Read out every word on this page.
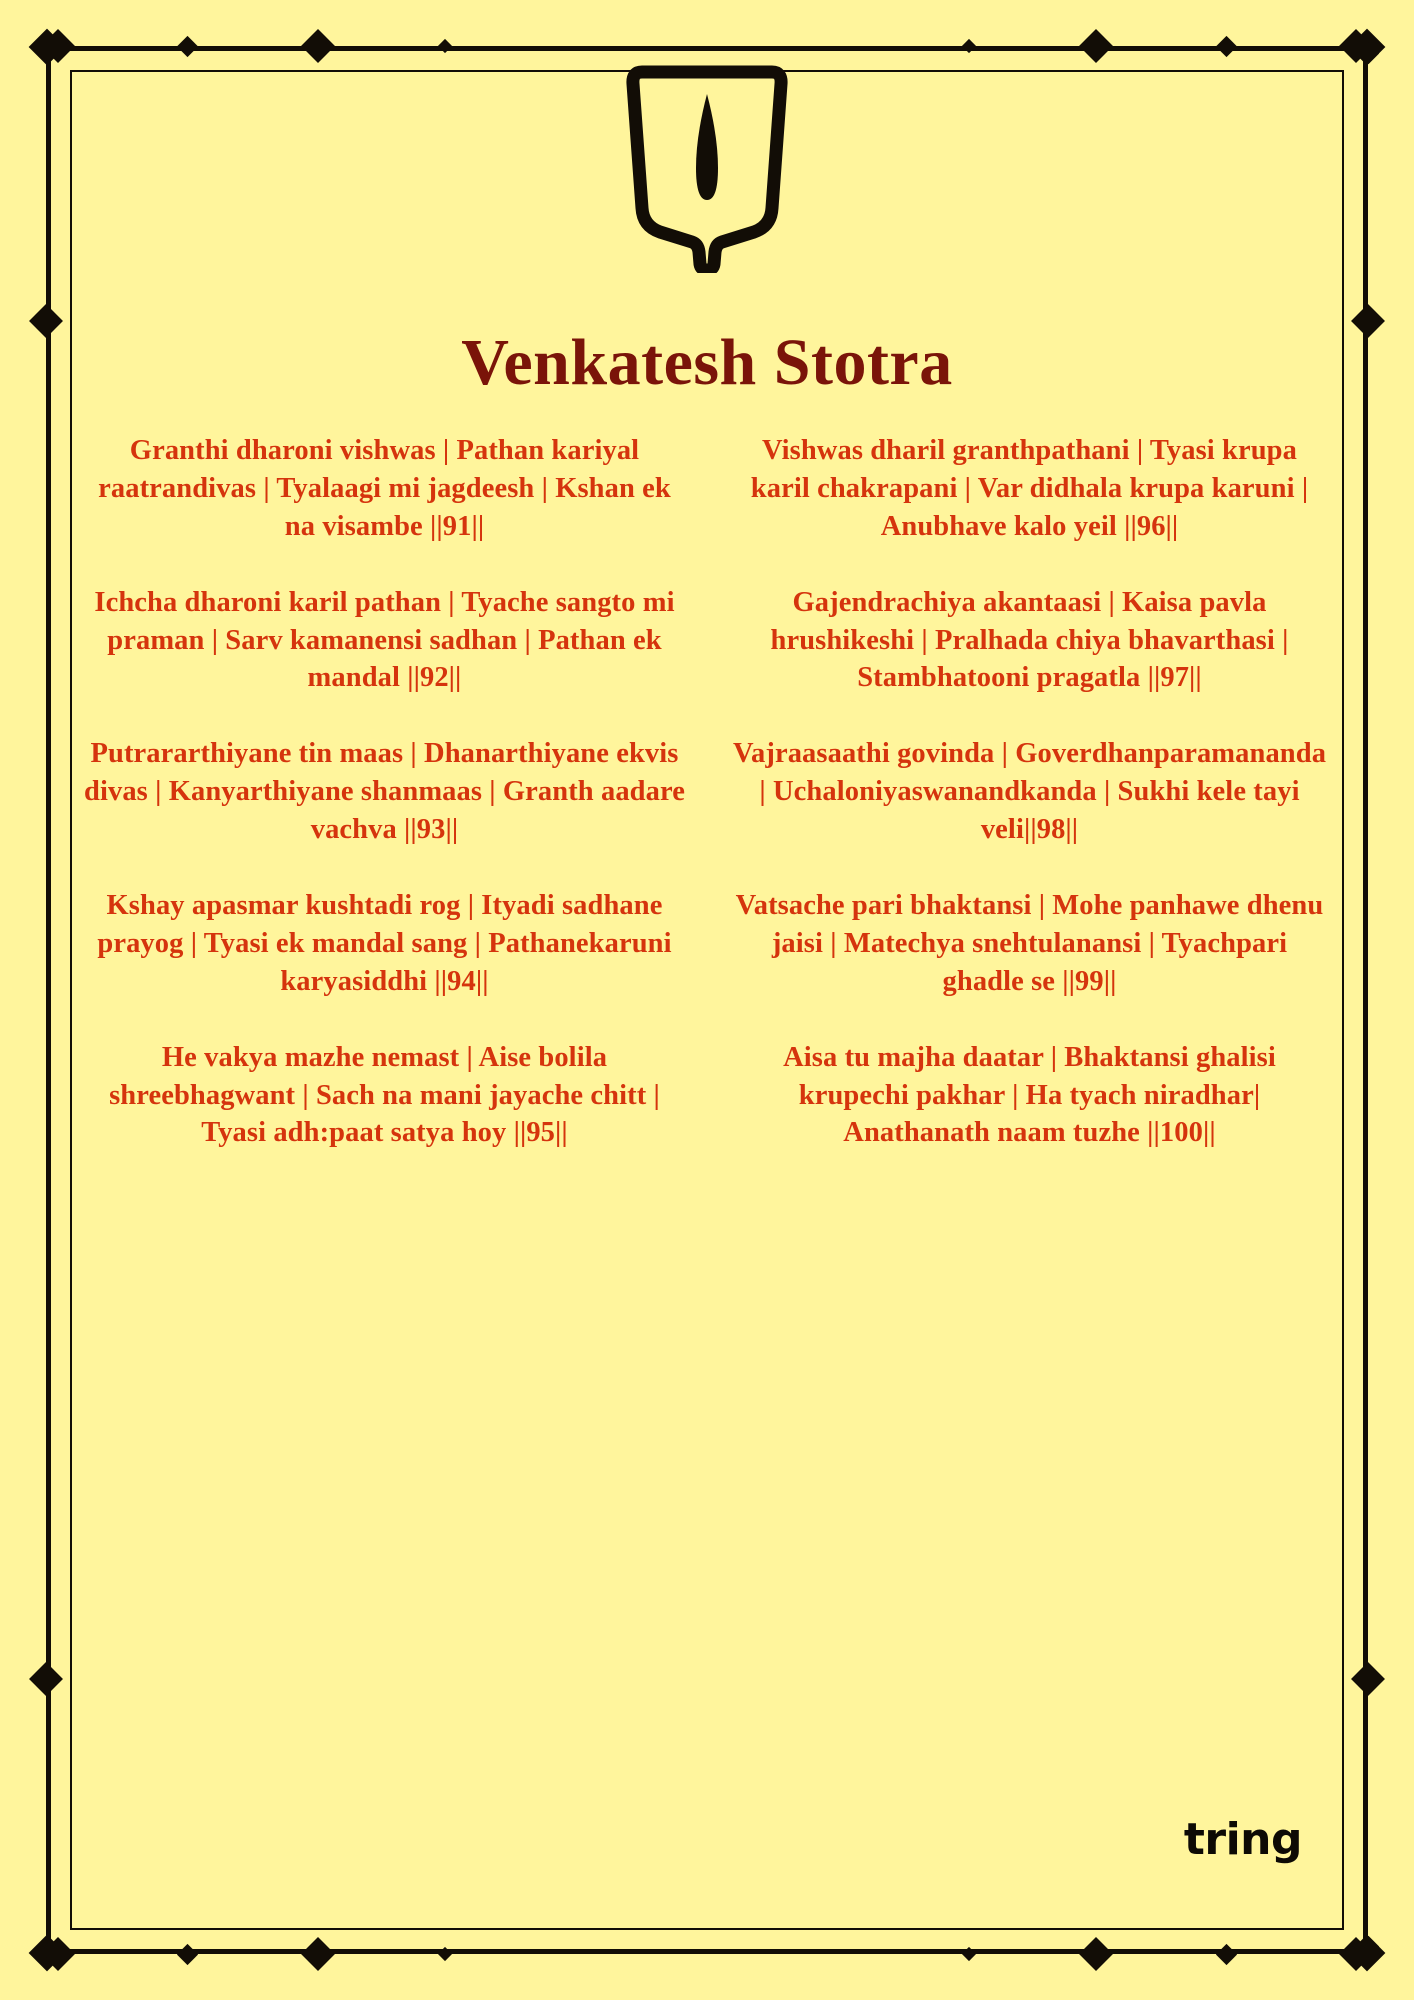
Venkatesh Stotra
Granthi dharoni vishwas | Pathan kariyal raatrandivas | Tyalaagi mi jagdeesh | Kshan ek na visambe ||91||
Ichcha dharoni karil pathan | Tyache sangto mi praman | Sarv kamanensi sadhan | Pathan ek mandal ||92||
Putrararthiyane tin maas | Dhanarthiyane ekvis divas | Kanyarthiyane shanmaas | Granth aadare vachva ||93||
Kshay apasmar kushtadi rog | Ityadi sadhane prayog | Tyasi ek mandal sang | Pathanekaruni karyasiddhi ||94||
He vakya mazhe nemast | Aise bolila shreebhagwant | Sach na mani jayache chitt | Tyasi adh:paat satya hoy ||95||
Vishwas dharil granthpathani | Tyasi krupa karil chakrapani | Var didhala krupa karuni | Anubhave kalo yeil ||96||
Gajendrachiya akantaasi | Kaisa pavla hrushikeshi | Pralhada chiya bhavarthasi | Stambhatooni pragatla ||97||
Vajraasaathi govinda | Goverdhanparamananda | Uchaloniyaswanandkanda | Sukhi kele tayi veli||98||
Vatsache pari bhaktansi | Mohe panhawe dhenu jaisi | Matechya snehtulanansi | Tyachpari ghadle se ||99||
Aisa tu majha daatar | Bhaktansi ghalisi krupechi pakhar | Ha tyach niradhar| Anathanath naam tuzhe ||100||
tring
